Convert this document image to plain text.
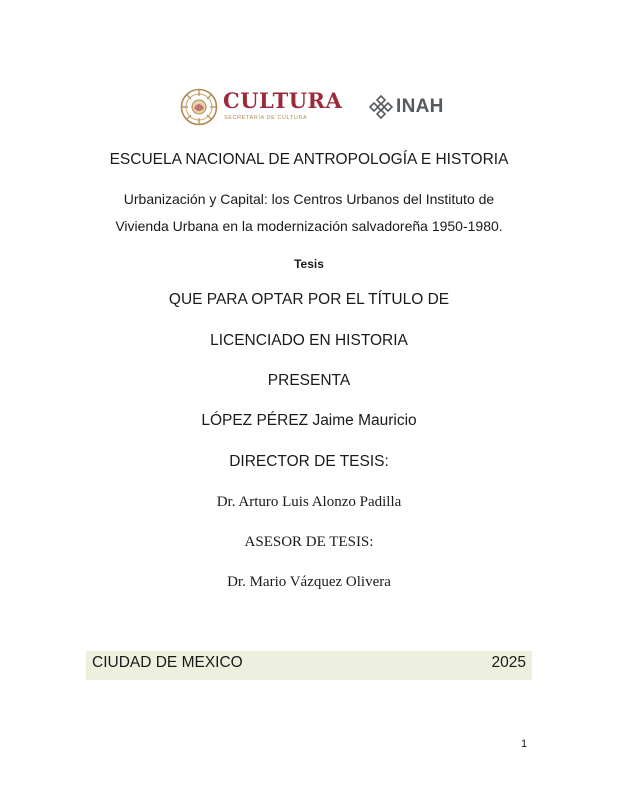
CULTURA
SECRETARÍA DE CULTURA
INAH
ESCUELA NACIONAL DE ANTROPOLOGÍA E HISTORIA
Urbanización y Capital: los Centros Urbanos del Instituto de
Vivienda Urbana en la modernización salvadoreña 1950-1980.
Tesis
QUE PARA OPTAR POR EL TÍTULO DE
LICENCIADO EN HISTORIA
PRESENTA
LÓPEZ PÉREZ Jaime Mauricio
DIRECTOR DE TESIS:
Dr. Arturo Luis Alonzo Padilla
ASESOR DE TESIS:
Dr. Mario Vázquez Olivera
CIUDAD DE MEXICO	2025
1
